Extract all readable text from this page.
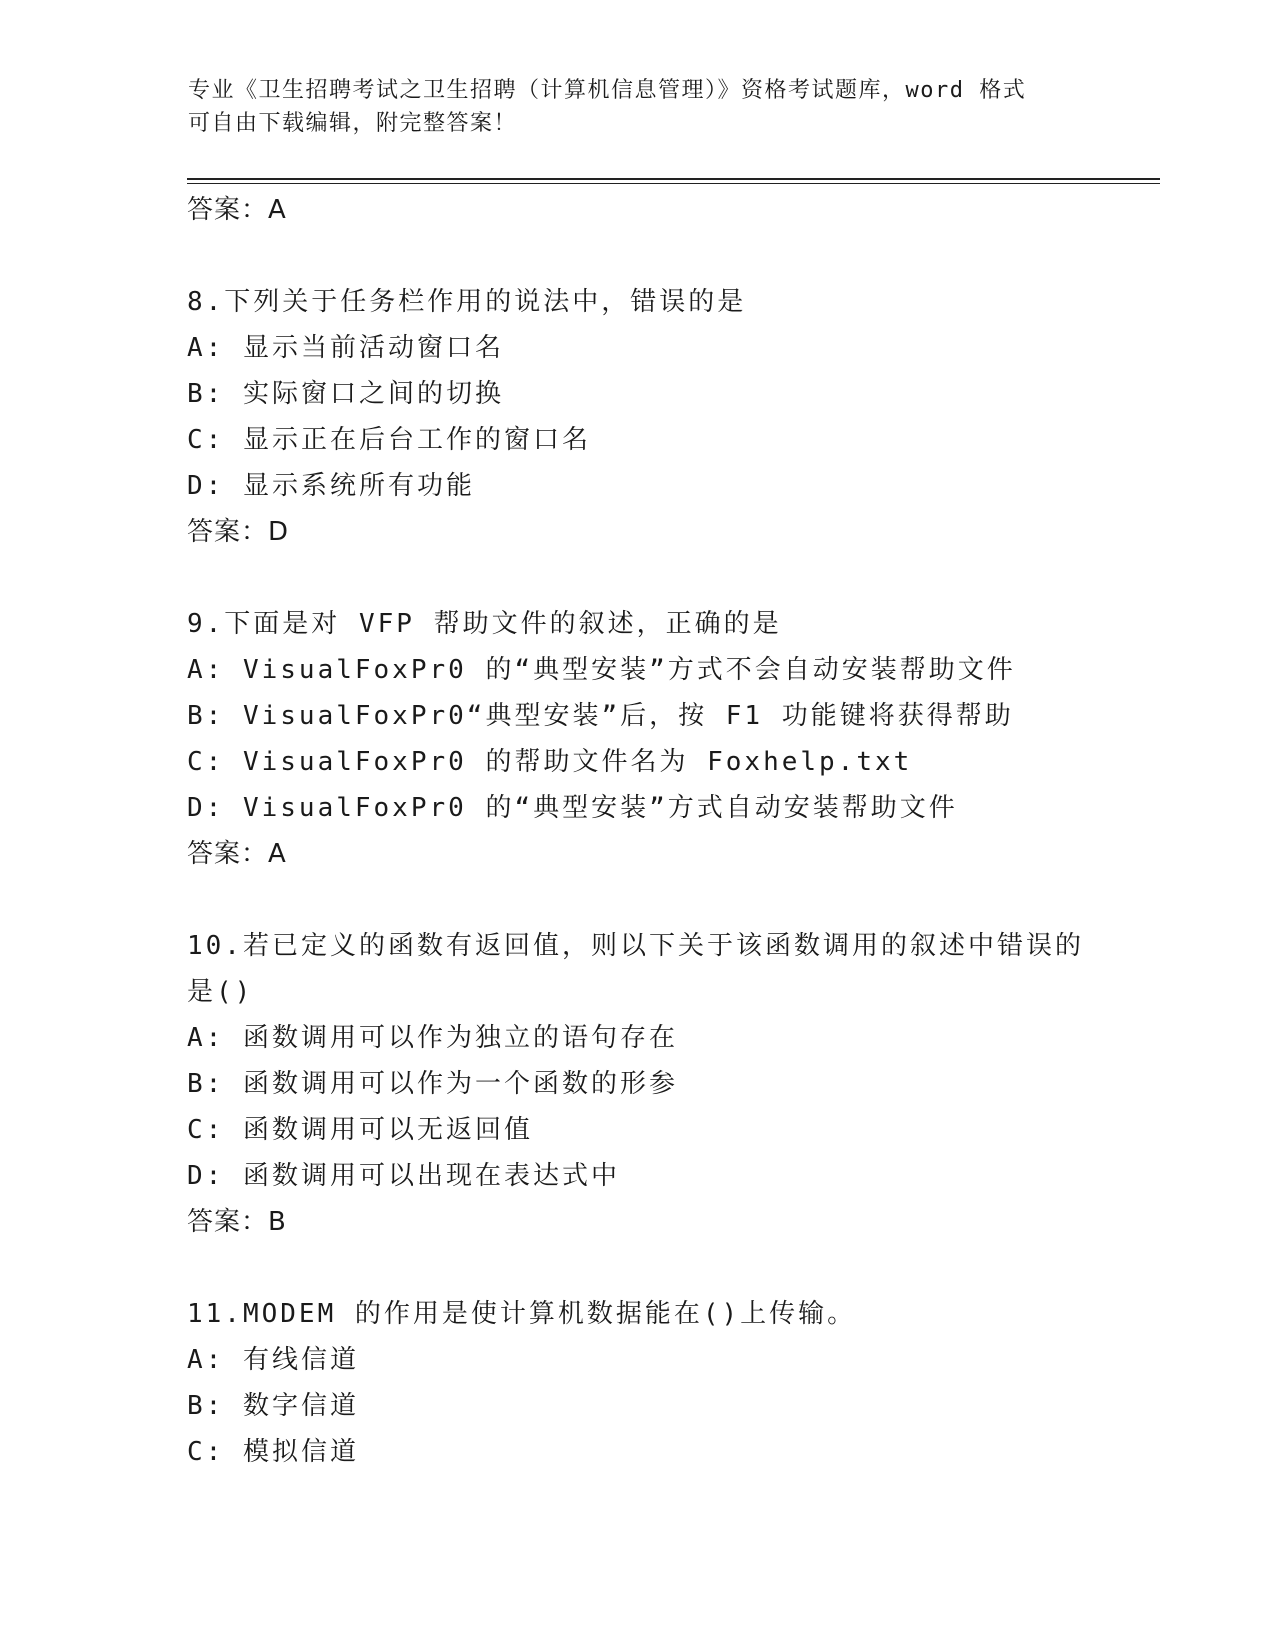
专业《卫生招聘考试之卫生招聘（计算机信息管理）》资格考试题库，word 格式
可自由下载编辑，附完整答案！
答案：A
8.下列关于任务栏作用的说法中，错误的是
A: 显示当前活动窗口名
B: 实际窗口之间的切换
C: 显示正在后台工作的窗口名
D: 显示系统所有功能
答案：D
9.下面是对 VFP 帮助文件的叙述，正确的是
A: VisualFoxPr0 的“典型安装”方式不会自动安装帮助文件
B: VisualFoxPr0“典型安装”后，按 F1 功能键将获得帮助
C: VisualFoxPr0 的帮助文件名为 Foxhelp.txt
D: VisualFoxPr0 的“典型安装”方式自动安装帮助文件
答案：A
10.若已定义的函数有返回值，则以下关于该函数调用的叙述中错误的是()
A: 函数调用可以作为独立的语句存在
B: 函数调用可以作为一个函数的形参
C: 函数调用可以无返回值
D: 函数调用可以出现在表达式中
答案：B
11.MODEM 的作用是使计算机数据能在()上传输。
A: 有线信道
B: 数字信道
C: 模拟信道
